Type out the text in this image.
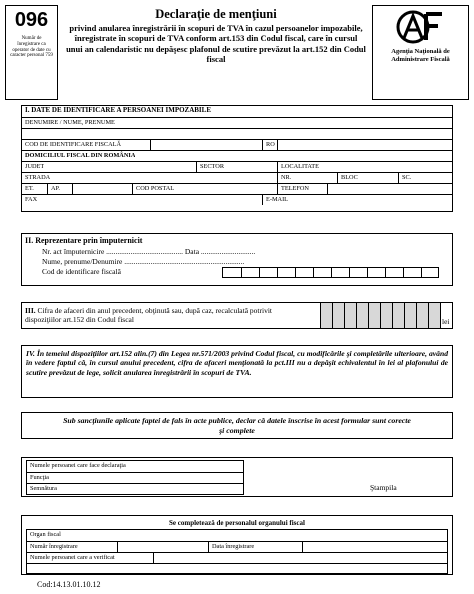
096
Număr de înregistrare ca operator de date cu caracter personal 759
Declaraţie de menţiuni
privind anularea înregistrării în scopuri de TVA în cazul persoanelor impozabile, înregistrate în scopuri de TVA conform art.153 din Codul fiscal, care în cursul unui an calendaristic nu depăşesc plafonul de scutire prevăzut la art.152 din Codul fiscal
Agenţia Naţională de Administrare Fiscală
I. DATE DE IDENTIFICARE A PERSOANEI IMPOZABILE
DENUMIRE / NUME, PRENUME
COD DE IDENTIFICARE FISCALĂ	RO
DOMICILIUL FISCAL DIN ROMÂNIA
JUDET	SECTOR	LOCALITATE
STRADA	NR.	BLOC	SC.
ET.	AP.	COD POSTAL	TELEFON
FAX	E-MAIL
II. Reprezentare prin împuternicit
Nr. act împuternicire ......................................... Data .............................
Nume, prenume/Denumire ................................................................
Cod de identificare fiscală
III. Cifra de afaceri din anul precedent, obţinută sau, după caz, recalculată potrivit dispoziţiilor art.152 din Codul fiscal	lei
IV. În temeiul dispoziţiilor art.152 alin.(7) din Legea nr.571/2003 privind Codul fiscal, cu modificările şi completările ulterioare, având în vedere faptul că, în cursul anului precedent, cifra de afaceri menţionată la pct.III nu a depăşit echivalentul în lei al plafonului de scutire prevăzut de lege, solicit anularea înregistrării în scopuri de TVA.
Sub sancţiunile aplicate faptei de fals în acte publice, declar că datele înscrise în acest formular sunt corecte şi complete
Numele persoanei care face declaraţia
Funcţia
Semnătura	Ştampila
Se completează de personalul organului fiscal
Organ fiscal
Număr înregistrare	Data înregistrare
Numele persoanei care a verificat
Cod:14.13.01.10.12
